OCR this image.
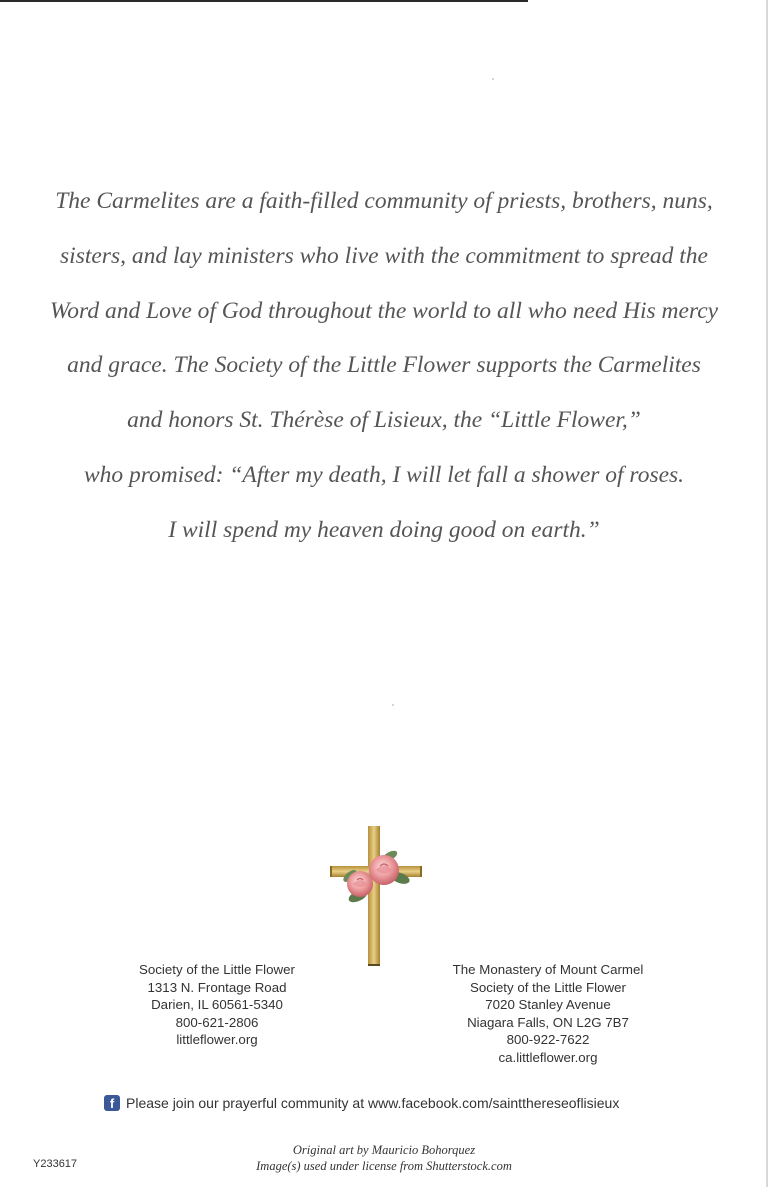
The Carmelites are a faith-filled community of priests, brothers, nuns,
sisters, and lay ministers who live with the commitment to spread the
Word and Love of God throughout the world to all who need His mercy
and grace. The Society of the Little Flower supports the Carmelites
and honors St. Thérèse of Lisieux, the “Little Flower,”
who promised: “After my death, I will let fall a shower of roses.
I will spend my heaven doing good on earth.”
Society of the Little Flower
1313 N. Frontage Road
Darien, IL 60561-5340
800-621-2806
littleflower.org
The Monastery of Mount Carmel
Society of the Little Flower
7020 Stanley Avenue
Niagara Falls, ON L2G 7B7
800-922-7622
ca.littleflower.org
f Please join our prayerful community at www.facebook.com/saintthereseoflisieux
Original art by Mauricio Bohorquez
Image(s) used under license from Shutterstock.com
Y233617
